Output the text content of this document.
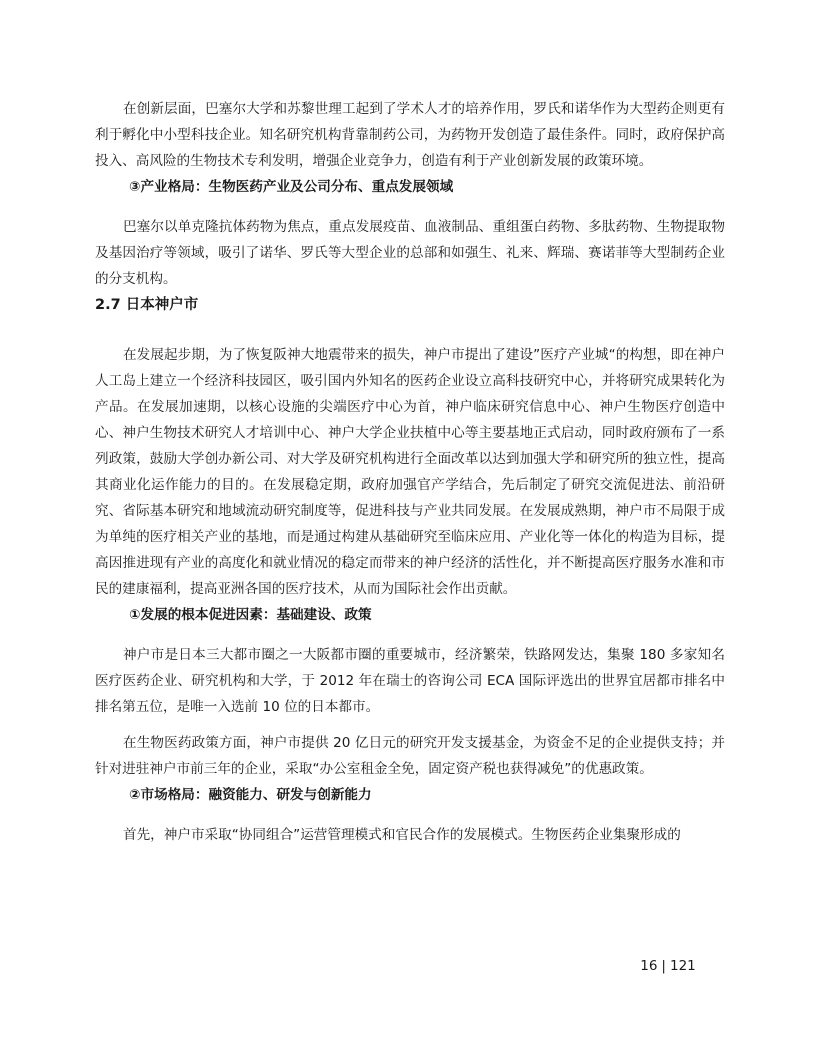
在创新层面，巴塞尔大学和苏黎世理工起到了学术人才的培养作用，罗氏和诺华作为大型药企则更有利于孵化中小型科技企业。知名研究机构背靠制药公司，为药物开发创造了最佳条件。同时，政府保护高投入、高风险的生物技术专利发明，增强企业竞争力，创造有利于产业创新发展的政策环境。

③产业格局：生物医药产业及公司分布、重点发展领域

巴塞尔以单克隆抗体药物为焦点，重点发展疫苗、血液制品、重组蛋白药物、多肽药物、生物提取物及基因治疗等领域，吸引了诺华、罗氏等大型企业的总部和如强生、礼来、辉瑞、赛诺菲等大型制药企业的分支机构。

2.7 日本神户市

在发展起步期，为了恢复阪神大地震带来的损失，神户市提出了建设”医疗产业城“的构想，即在神户人工岛上建立一个经济科技园区，吸引国内外知名的医药企业设立高科技研究中心，并将研究成果转化为产品。在发展加速期，以核心设施的尖端医疗中心为首，神户临床研究信息中心、神户生物医疗创造中心、神户生物技术研究人才培训中心、神户大学企业扶植中心等主要基地正式启动，同时政府颁布了一系列政策，鼓励大学创办新公司、对大学及研究机构进行全面改革以达到加强大学和研究所的独立性，提高其商业化运作能力的目的。在发展稳定期，政府加强官产学结合，先后制定了研究交流促进法、前沿研究、省际基本研究和地域流动研究制度等，促进科技与产业共同发展。在发展成熟期，神户市不局限于成为单纯的医疗相关产业的基地，而是通过构建从基础研究至临床应用、产业化等一体化的构造为目标，提高因推进现有产业的高度化和就业情况的稳定而带来的神户经济的活性化，并不断提高医疗服务水准和市民的建康福利，提高亚洲各国的医疗技术，从而为国际社会作出贡献。

①发展的根本促进因素：基础建设、政策

神户市是日本三大都市圈之一大阪都市圈的重要城市，经济繁荣，铁路网发达，集聚 180 多家知名医疗医药企业、研究机构和大学，于 2012 年在瑞士的咨询公司 ECA 国际评选出的世界宜居都市排名中排名第五位，是唯一入选前 10 位的日本都市。

在生物医药政策方面，神户市提供 20 亿日元的研究开发支援基金，为资金不足的企业提供支持；并针对进驻神户市前三年的企业，采取“办公室租金全免，固定资产税也获得减免”的优惠政策。

②市场格局：融资能力、研发与创新能力

首先，神户市采取“协同组合”运营管理模式和官民合作的发展模式。生物医药企业集聚形成的

16 | 121
